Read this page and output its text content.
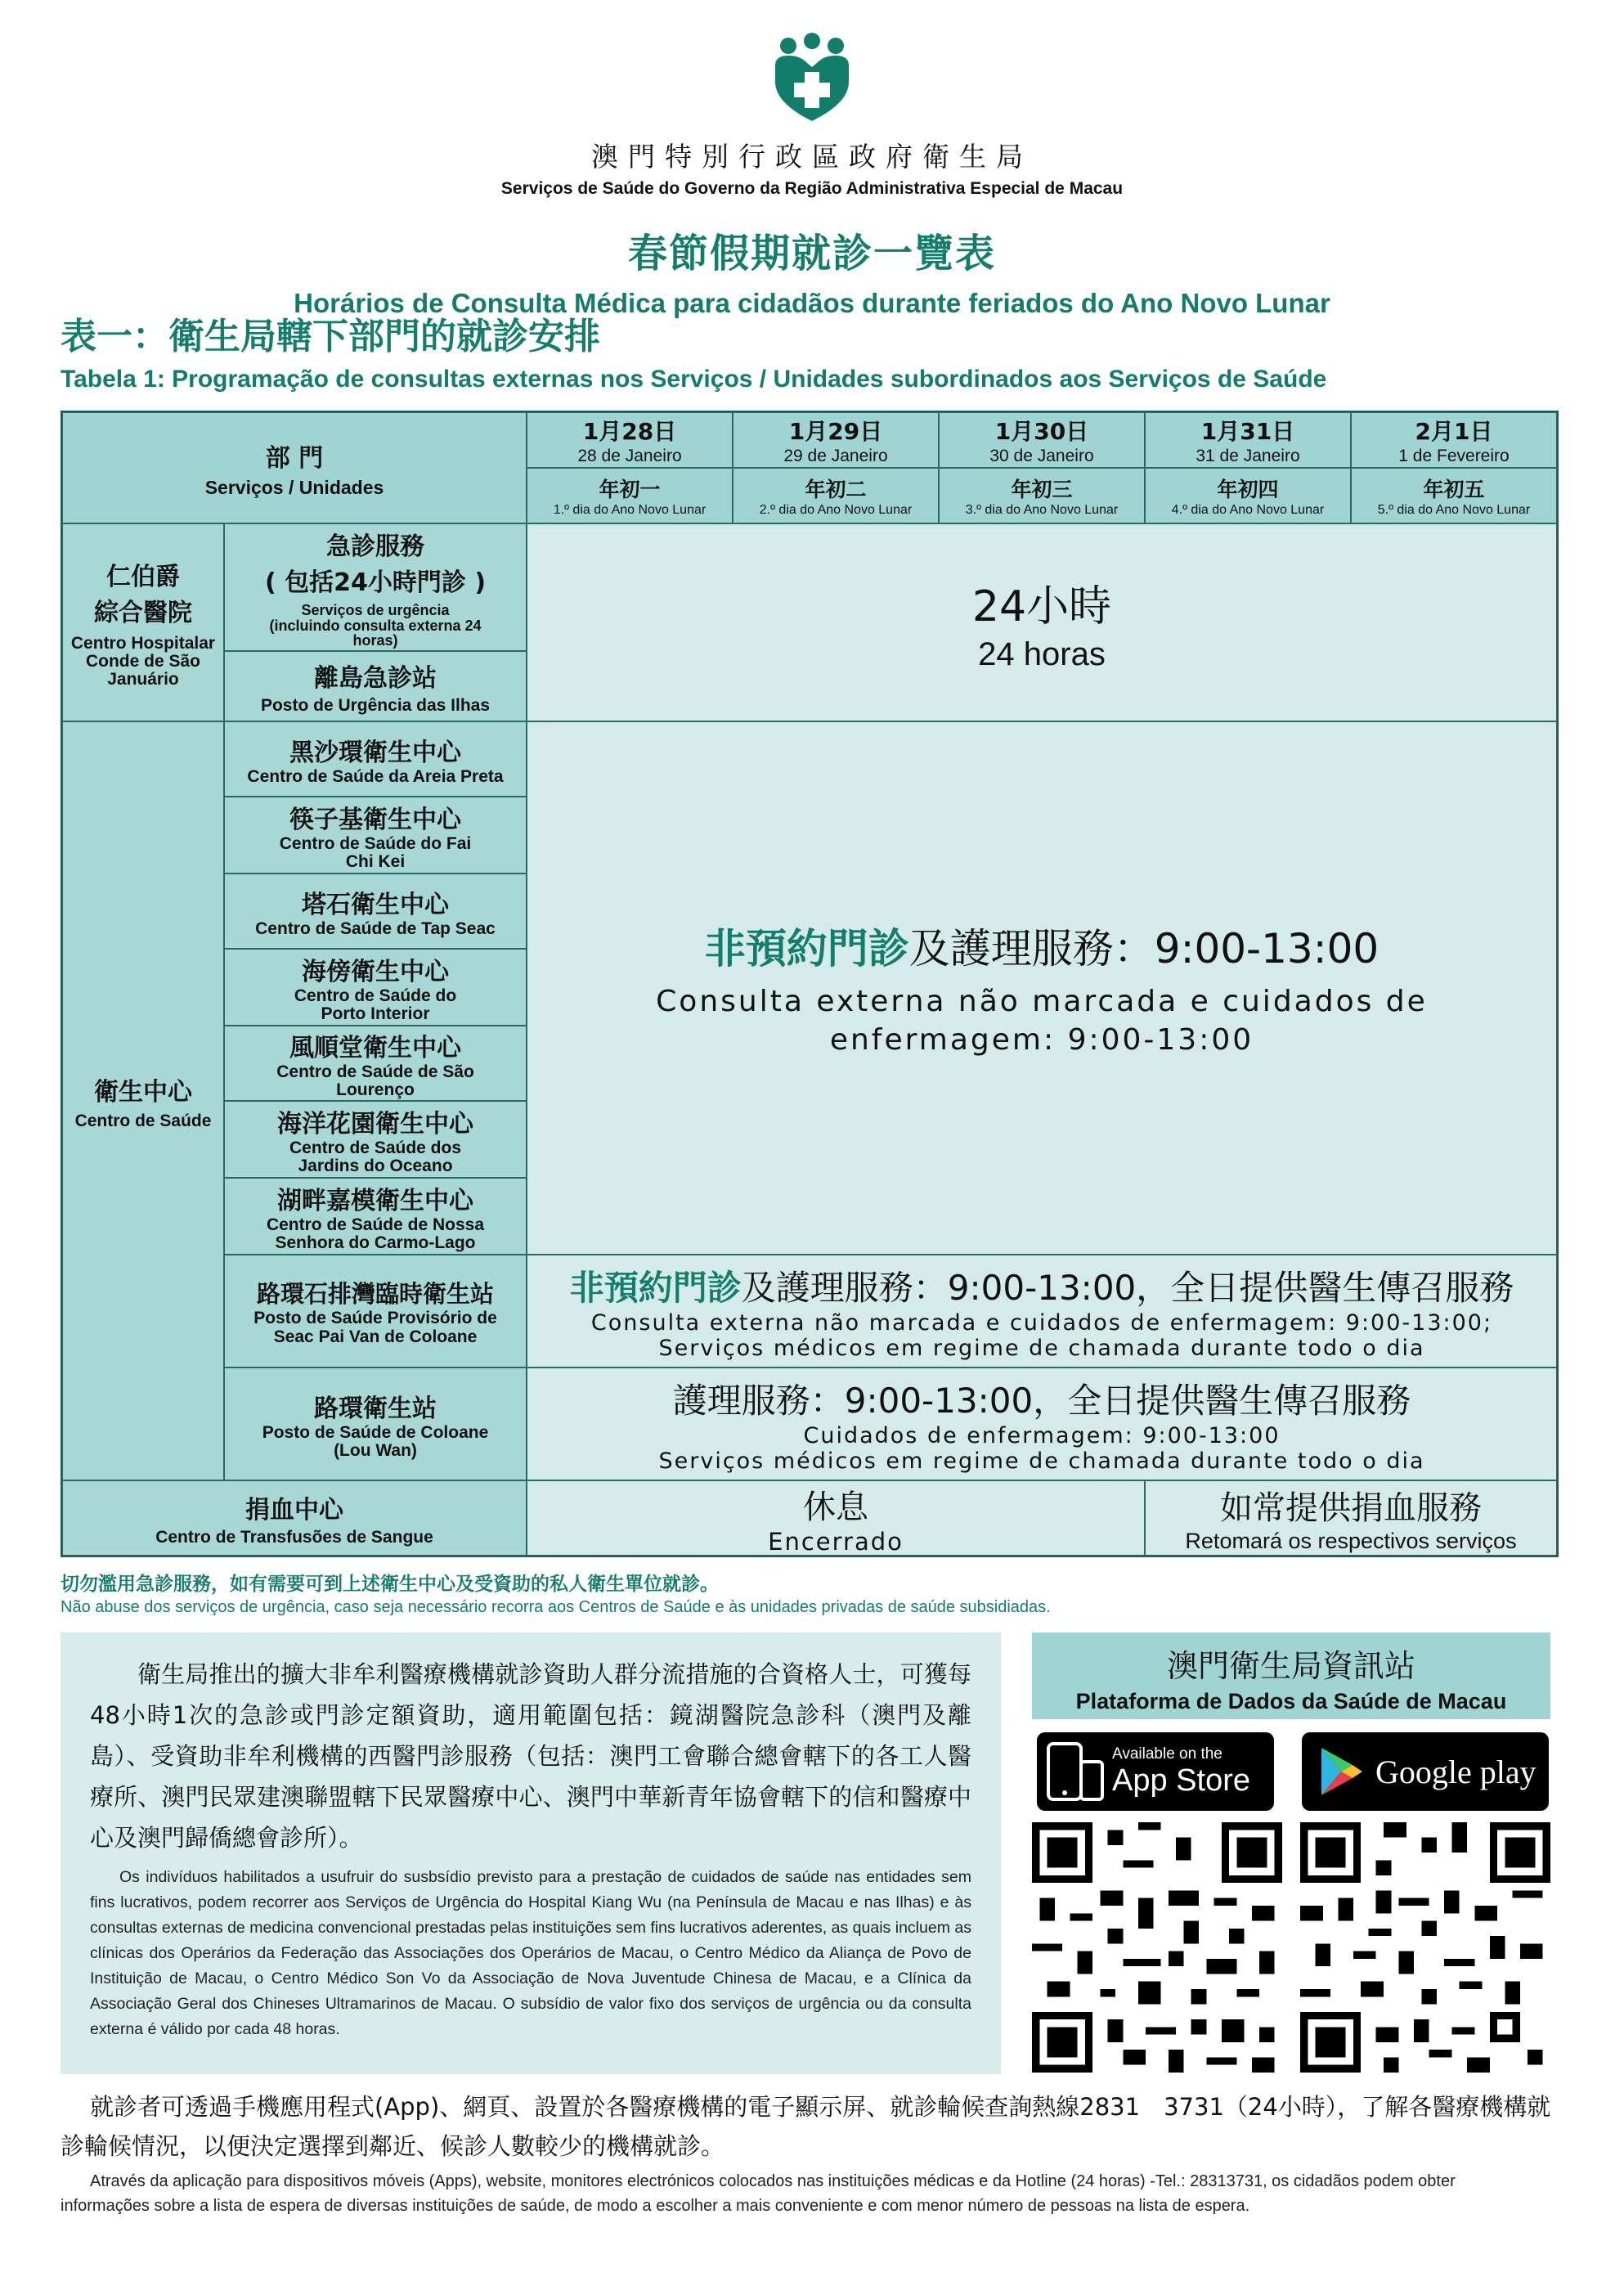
澳門特別行政區政府衛生局
Serviços de Saúde do Governo da Região Administrativa Especial de Macau
春節假期就診一覽表
Horários de Consulta Médica para cidadãos durante feriados do Ano Novo Lunar
表一：衛生局轄下部門的就診安排
Tabela 1: Programação de consultas externas nos Serviços / Unidades subordinados aos Serviços de Saúde
部 門
Serviços / Unidades
1月28日
28 de Janeiro
1月29日
29 de Janeiro
1月30日
30 de Janeiro
1月31日
31 de Janeiro
2月1日
1 de Fevereiro
年初一
1.º dia do Ano Novo Lunar
年初二
2.º dia do Ano Novo Lunar
年初三
3.º dia do Ano Novo Lunar
年初四
4.º dia do Ano Novo Lunar
年初五
5.º dia do Ano Novo Lunar
仁伯爵
綜合醫院
Centro Hospitalar Conde de São Januário
急診服務
( 包括24小時門診 )
Serviços de urgência (incluindo consulta externa 24 horas)
離島急診站
Posto de Urgência das Ilhas
24小時
24 horas
衛生中心
Centro de Saúde
黑沙環衛生中心
Centro de Saúde da Areia Preta
筷子基衛生中心
Centro de Saúde do Fai Chi Kei
塔石衛生中心
Centro de Saúde de Tap Seac
海傍衛生中心
Centro de Saúde do Porto Interior
風順堂衛生中心
Centro de Saúde de São Lourenço
海洋花園衛生中心
Centro de Saúde dos Jardins do Oceano
湖畔嘉模衛生中心
Centro de Saúde de Nossa Senhora do Carmo-Lago
路環石排灣臨時衛生站
Posto de Saúde Provisório de Seac Pai Van de Coloane
路環衛生站
Posto de Saúde de Coloane (Lou Wan)
非預約門診及護理服務：9:00-13:00
Consulta externa não marcada e cuidados de enfermagem: 9:00-13:00
非預約門診及護理服務：9:00-13:00，全日提供醫生傳召服務
Consulta externa não marcada e cuidados de enfermagem: 9:00-13:00;
Serviços médicos em regime de chamada durante todo o dia
護理服務：9:00-13:00，全日提供醫生傳召服務
Cuidados de enfermagem: 9:00-13:00
Serviços médicos em regime de chamada durante todo o dia
捐血中心
Centro de Transfusões de Sangue
休息
Encerrado
如常提供捐血服務
Retomará os respectivos serviços
切勿濫用急診服務，如有需要可到上述衛生中心及受資助的私人衛生單位就診。
Não abuse dos serviços de urgência, caso seja necessário recorra aos Centros de Saúde e às unidades privadas de saúde subsidiadas.
衛生局推出的擴大非牟利醫療機構就診資助人群分流措施的合資格人士，可獲每48小時1次的急診或門診定額資助，適用範圍包括：鏡湖醫院急診科（澳門及離島）、受資助非牟利機構的西醫門診服務（包括：澳門工會聯合總會轄下的各工人醫療所、澳門民眾建澳聯盟轄下民眾醫療中心、澳門中華新青年協會轄下的信和醫療中心及澳門歸僑總會診所）。
Os indivíduos habilitados a usufruir do susbsídio previsto para a prestação de cuidados de saúde nas entidades sem fins lucrativos, podem recorrer aos Serviços de Urgência do Hospital Kiang Wu (na Península de Macau e nas Ilhas) e às consultas externas de medicina convencional prestadas pelas instituições sem fins lucrativos aderentes, as quais incluem as clínicas dos Operários da Federação das Associações dos Operários de Macau, o Centro Médico da Aliança de Povo de Instituição de Macau, o Centro Médico Son Vo da Associação de Nova Juventude Chinesa de Macau, e a Clínica da Associação Geral dos Chineses Ultramarinos de Macau. O subsídio de valor fixo dos serviços de urgência ou da consulta externa é válido por cada 48 horas.
澳門衛生局資訊站
Plataforma de Dados da Saúde de Macau
Available on the
App Store	Google play
就診者可透過手機應用程式(App)、網頁、設置於各醫療機構的電子顯示屏、就診輪候查詢熱線2831　3731（24小時），了解各醫療機構就診輪候情況，以便決定選擇到鄰近、候診人數較少的機構就診。
Através da aplicação para dispositivos móveis (Apps), website, monitores electrónicos colocados nas instituições médicas e da Hotline (24 horas) -Tel.: 28313731, os cidadãos podem obter informações sobre a lista de espera de diversas instituições de saúde, de modo a escolher a mais conveniente e com menor número de pessoas na lista de espera.
